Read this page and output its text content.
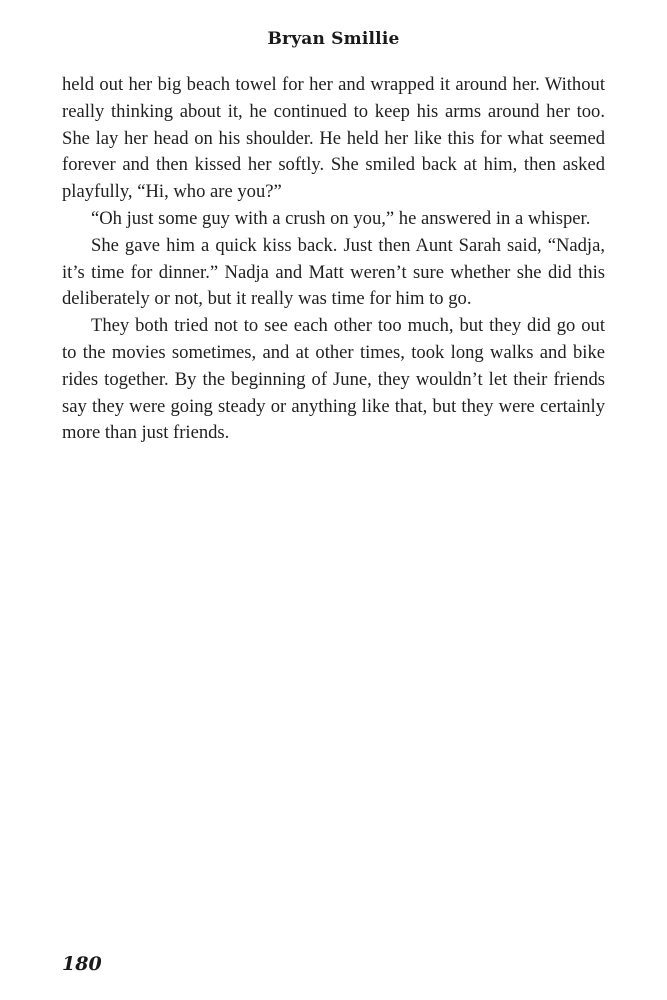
Bryan Smillie

held out her big beach towel for her and wrapped it around her. Without really thinking about it, he continued to keep his arms around her too. She lay her head on his shoulder. He held her like this for what seemed forever and then kissed her softly. She smiled back at him, then asked playfully, “Hi, who are you?”

“Oh just some guy with a crush on you,” he answered in a whisper.

She gave him a quick kiss back. Just then Aunt Sarah said, “Nadja, it’s time for dinner.” Nadja and Matt weren’t sure whether she did this deliberately or not, but it really was time for him to go.

They both tried not to see each other too much, but they did go out to the movies sometimes, and at other times, took long walks and bike rides together. By the beginning of June, they wouldn’t let their friends say they were going steady or anything like that, but they were certainly more than just friends.

180
